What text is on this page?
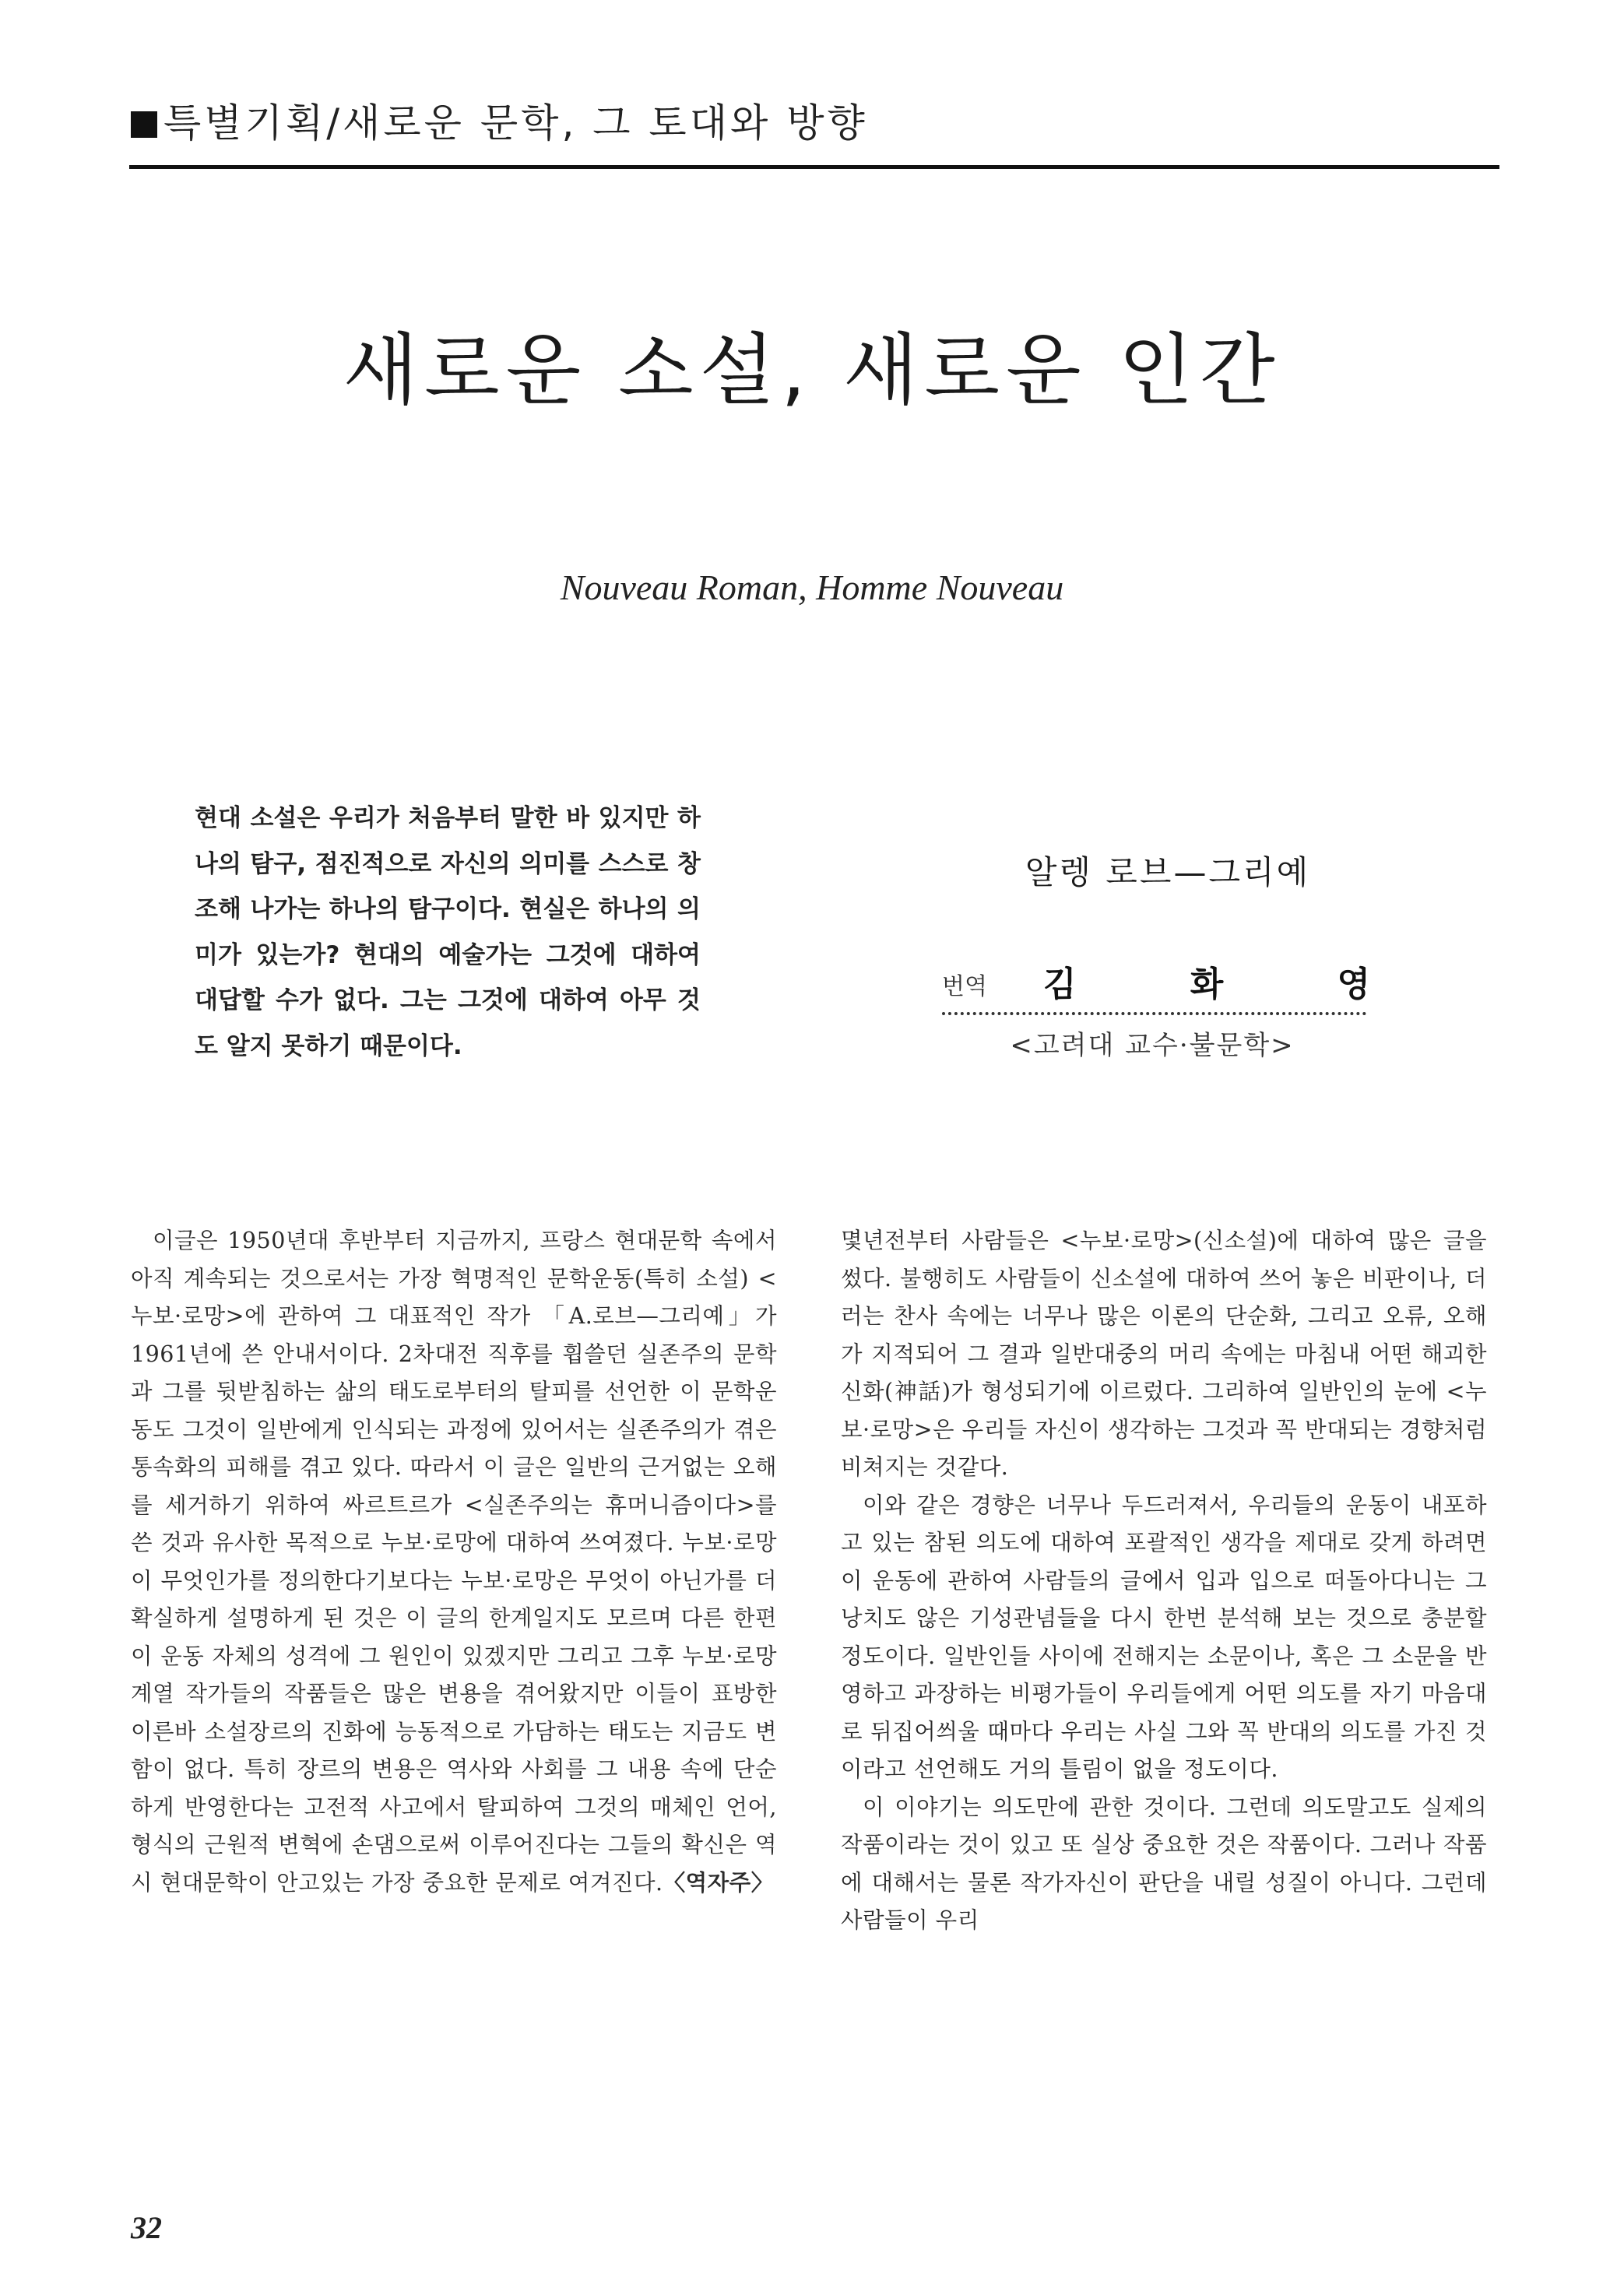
특별기획/새로운 문학, 그 토대와 방향
새로운 소설, 새로운 인간
Nouveau Roman, Homme Nouveau
현대 소설은 우리가 처음부터 말한 바 있지만 하나의 탐구, 점진적으로 자신의 의미를 스스로 창조해 나가는 하나의 탐구이다. 현실은 하나의 의미가 있는가? 현대의 예술가는 그것에 대하여 대답할 수가 없다. 그는 그것에 대하여 아무 것도 알지 못하기 때문이다.
알렝 로브—그리예
번역 김	화	영
<고려대 교수·불문학>

이글은 1950년대 후반부터 지금까지, 프랑스 현대문학 속에서 아직 계속되는 것으로서는 가장 혁명적인 문학운동(특히 소설) <누보·로망>에 관하여 그 대표적인 작가 「A.로브—그리예」가 1961년에 쓴 안내서이다. 2차대전 직후를 휩쓸던 실존주의 문학과 그를 뒷받침하는 삶의 태도로부터의 탈피를 선언한 이 문학운동도 그것이 일반에게 인식되는 과정에 있어서는 실존주의가 겪은 통속화의 피해를 겪고 있다. 따라서 이 글은 일반의 근거없는 오해를 세거하기 위하여 싸르트르가 <실존주의는 휴머니즘이다>를 쓴 것과 유사한 목적으로 누보·로망에 대하여 쓰여졌다. 누보·로망이 무엇인가를 정의한다기보다는 누보·로망은 무엇이 아닌가를 더 확실하게 설명하게 된 것은 이 글의 한계일지도 모르며 다른 한편 이 운동 자체의 성격에 그 원인이 있겠지만 그리고 그후 누보·로망 계열 작가들의 작품들은 많은 변용을 겪어왔지만 이들이 표방한 이른바 소설장르의 진화에 능동적으로 가담하는 태도는 지금도 변함이 없다. 특히 장르의 변용은 역사와 사회를 그 내용 속에 단순하게 반영한다는 고전적 사고에서 탈피하여 그것의 매체인 언어, 형식의 근원적 변혁에 손댐으로써 이루어진다는 그들의 확신은 역시 현대문학이 안고있는 가장 중요한 문제로 여겨진다.〈역자주〉

몇년전부터 사람들은 <누보·로망>(신소설)에 대하여 많은 글을 썼다. 불행히도 사람들이 신소설에 대하여 쓰어 놓은 비판이나, 더러는 찬사 속에는 너무나 많은 이론의 단순화, 그리고 오류, 오해가 지적되어 그 결과 일반대중의 머리 속에는 마침내 어떤 해괴한 신화(神話)가 형성되기에 이르렀다. 그리하여 일반인의 눈에 <누보·로망>은 우리들 자신이 생각하는 그것과 꼭 반대되는 경향처럼 비쳐지는 것같다.

이와 같은 경향은 너무나 두드러져서, 우리들의 운동이 내포하고 있는 참된 의도에 대하여 포괄적인 생각을 제대로 갖게 하려면 이 운동에 관하여 사람들의 글에서 입과 입으로 떠돌아다니는 그 낭치도 않은 기성관념들을 다시 한번 분석해 보는 것으로 충분할 정도이다. 일반인들 사이에 전해지는 소문이나, 혹은 그 소문을 반영하고 과장하는 비평가들이 우리들에게 어떤 의도를 자기 마음대로 뒤집어씌울 때마다 우리는 사실 그와 꼭 반대의 의도를 가진 것이라고 선언해도 거의 틀림이 없을 정도이다.

이 이야기는 의도만에 관한 것이다. 그런데 의도말고도 실제의 작품이라는 것이 있고 또 실상 중요한 것은 작품이다. 그러나 작품에 대해서는 물론 작가자신이 판단을 내릴 성질이 아니다. 그런데 사람들이 우리

32
